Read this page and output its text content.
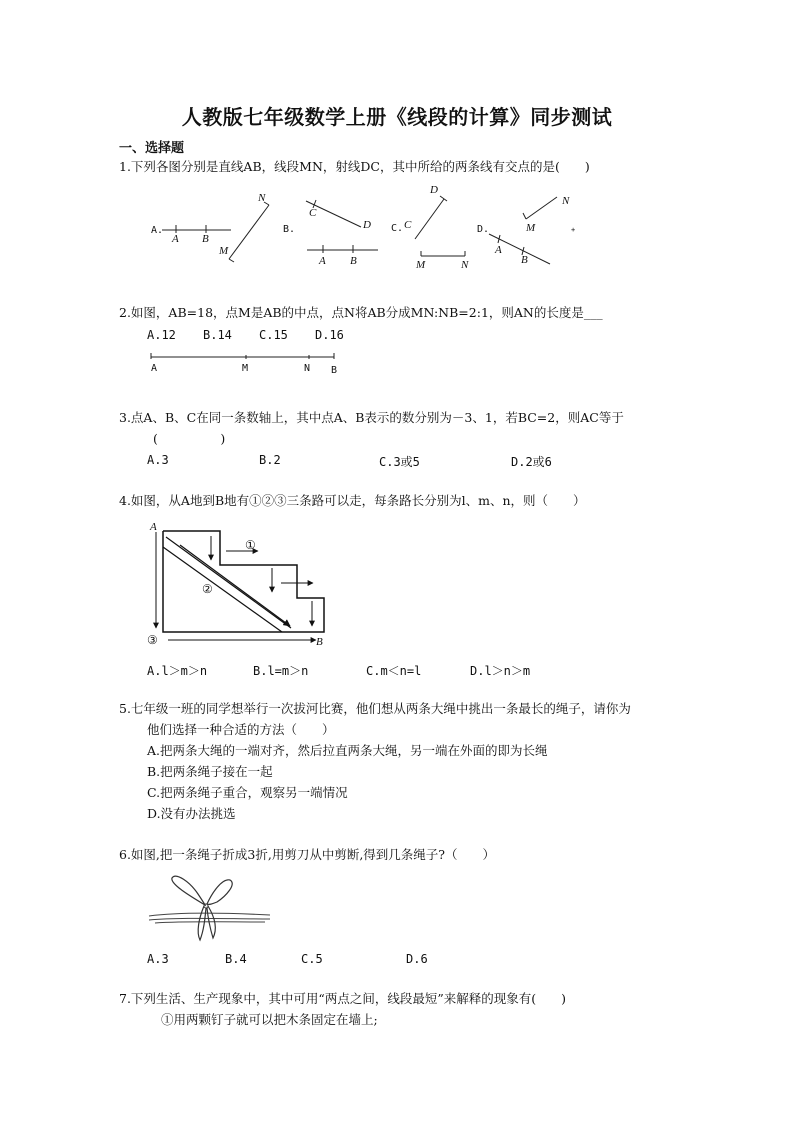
人教版七年级数学上册《线段的计算》同步测试
一、选择题
1.下列各图分别是直线AB，线段MN，射线DC，其中所给的两条线有交点的是(　　)
A.
A B
N
M
B.
C
D
A B
C.
D
C
M	N
D.
N
M
A
B
+
2.如图，AB=18，点M是AB的中点，点N将AB分成MN:NB=2:1，则AN的长度是___
A.12 B.14 C.15 D.16
A	M	N B
3.点A、B、C在同一条数轴上，其中点A、B表示的数分别为－3、1，若BC=2，则AC等于
(　　　　　)
A.3	B.2	C.3或5	D.2或6
4.如图，从A地到B地有①②③三条路可以走，每条路长分别为l、m、n，则（　　）
A
B
①
②
③
A.l＞m＞n	B.l=m＞n	C.m＜n=l	D.l＞n＞m
5.七年级一班的同学想举行一次拔河比赛，他们想从两条大绳中挑出一条最长的绳子，请你为
他们选择一种合适的方法（　　）
A.把两条大绳的一端对齐，然后拉直两条大绳，另一端在外面的即为长绳
B.把两条绳子接在一起
C.把两条绳子重合，观察另一端情况
D.没有办法挑选
6.如图,把一条绳子折成3折,用剪刀从中剪断,得到几条绳子?（　　）
A.3	B.4	C.5	D.6
7.下列生活、生产现象中，其中可用“两点之间，线段最短”来解释的现象有(　　)
①用两颗钉子就可以把木条固定在墙上;
